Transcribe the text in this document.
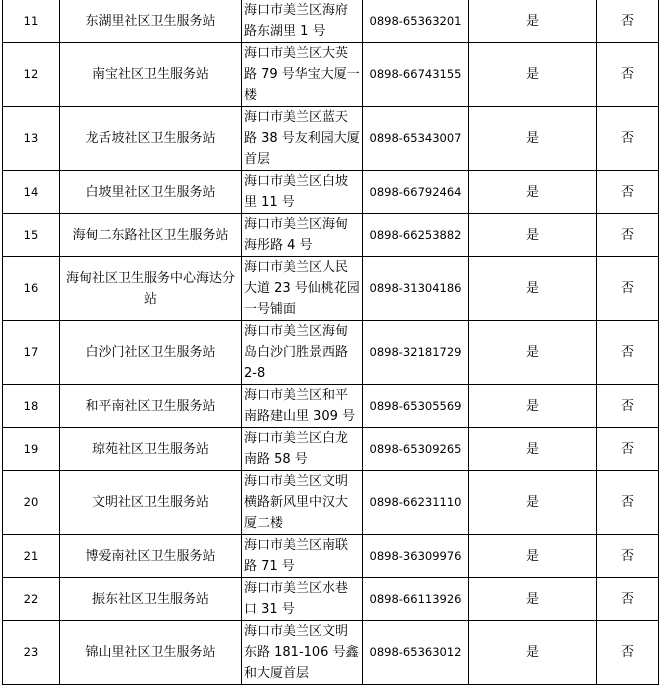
11	东湖里社区卫生服务站	海口市美兰区海府路东湖里 1 号	0898-65363201	是	否
12	南宝社区卫生服务站	海口市美兰区大英路 79 号华宝大厦一楼	0898-66743155	是	否
13	龙舌坡社区卫生服务站	海口市美兰区蓝天路 38 号友利园大厦首层	0898-65343007	是	否
14	白坡里社区卫生服务站	海口市美兰区白坡里 11 号	0898-66792464	是	否
15	海甸二东路社区卫生服务站	海口市美兰区海甸海彤路 4 号	0898-66253882	是	否
16	海甸社区卫生服务中心海达分站	海口市美兰区人民大道 23 号仙桃花园一号铺面	0898-31304186	是	否
17	白沙门社区卫生服务站	海口市美兰区海甸岛白沙门胜景西路 2-8	0898-32181729	是	否
18	和平南社区卫生服务站	海口市美兰区和平南路建山里 309 号	0898-65305569	是	否
19	琼苑社区卫生服务站	海口市美兰区白龙南路 58 号	0898-65309265	是	否
20	文明社区卫生服务站	海口市美兰区文明横路新风里中汉大厦二楼	0898-66231110	是	否
21	博爱南社区卫生服务站	海口市美兰区南联路 71 号	0898-36309976	是	否
22	振东社区卫生服务站	海口市美兰区水巷口 31 号	0898-66113926	是	否
23	锦山里社区卫生服务站	海口市美兰区文明东路 181-106 号鑫和大厦首层	0898-65363012	是	否
